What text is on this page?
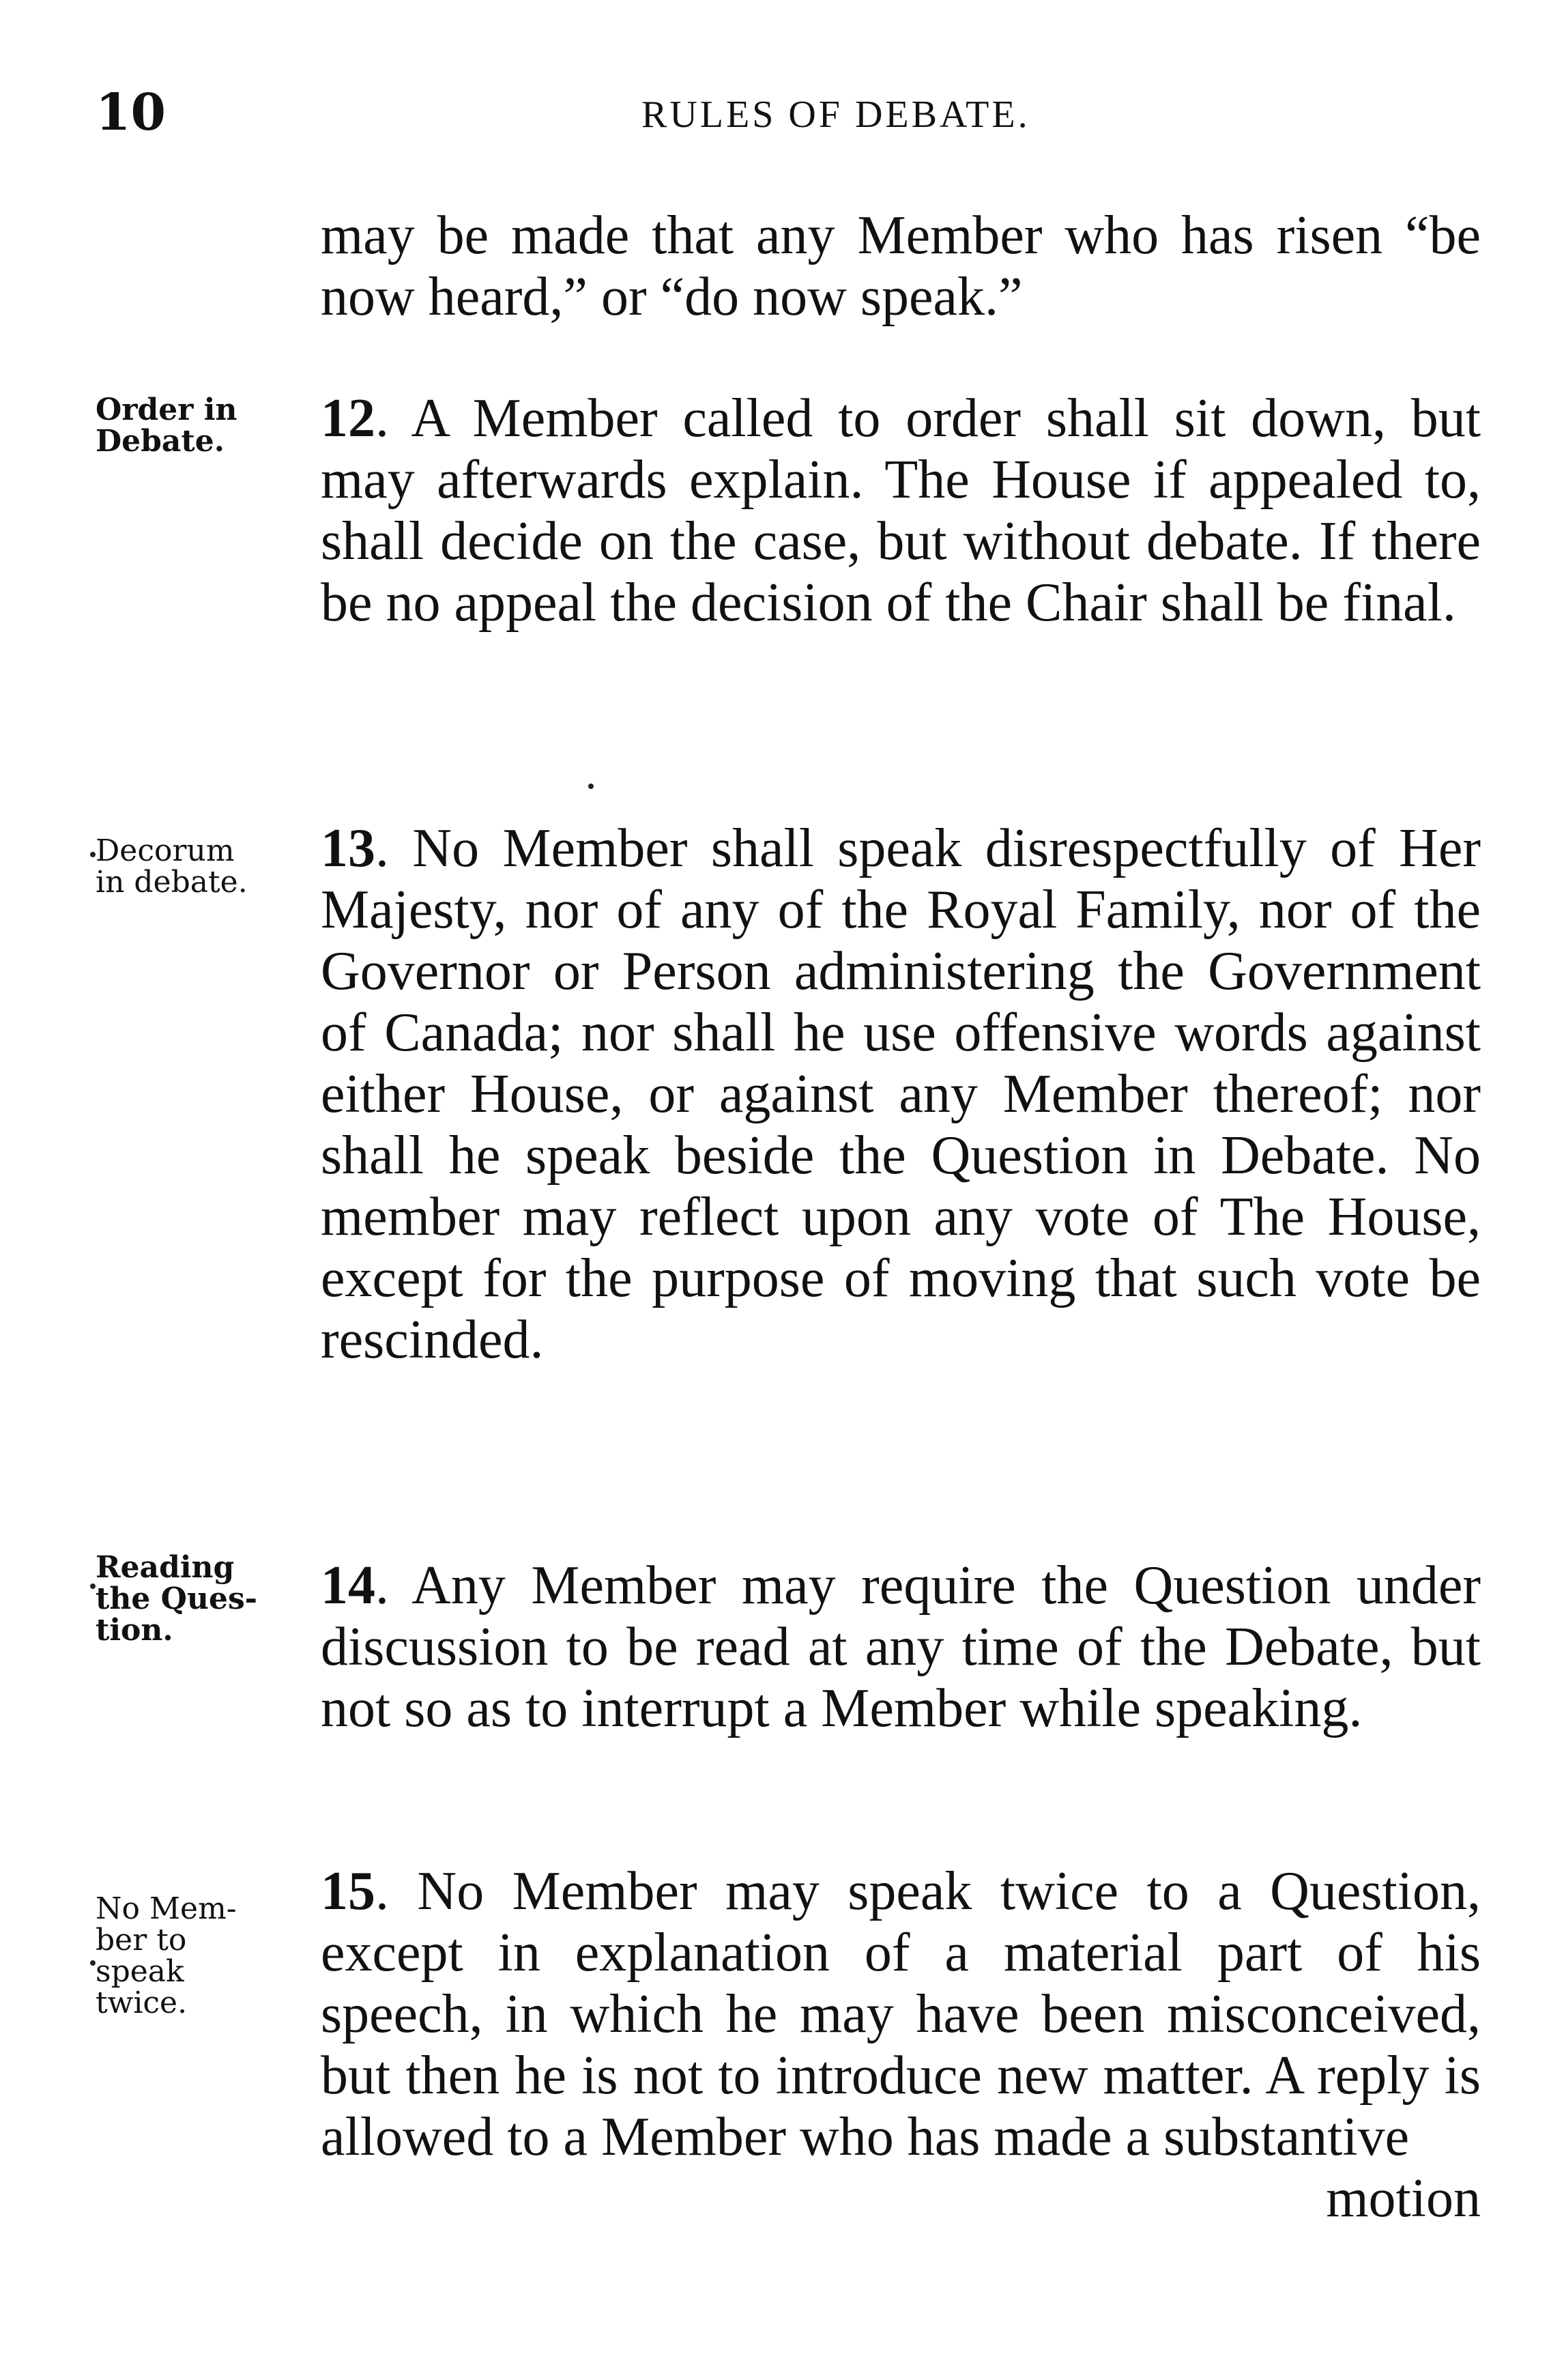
10	RULES OF DEBATE.

may be made that any Member who has risen “be now heard,” or “do now speak.”

Order in
Debate.	12. A Member called to order shall sit down, but may afterwards explain. The House if appealed to, shall decide on the case, but without debate. If there be no appeal the decision of the Chair shall be final.

Decorum
in debate.

13. No Member shall speak disrespectfully of Her Majesty, nor of any of the Royal Family, nor of the Governor or Person administering the Government of Canada; nor shall he use offensive words against either House, or against any Member thereof; nor shall he speak beside the Question in Debate. No member may reflect upon any vote of The House, except for the purpose of moving that such vote be rescinded.

Reading
the Ques-
tion.

14. Any Member may require the Question under discussion to be read at any time of the Debate, but not so as to interrupt a Member while speaking.

No Mem-
ber to
speak
twice.

15. No Member may speak twice to a Question, except in explanation of a material part of his speech, in which he may have been misconceived, but then he is not to introduce new matter. A reply is allowed to a Member who has made a substantive

motion
